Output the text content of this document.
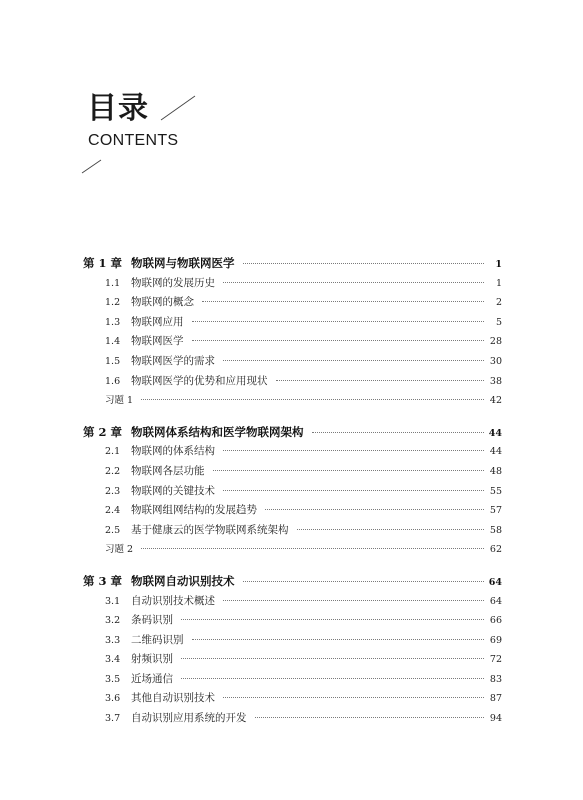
目录
CONTENTS
第 1 章 物联网与物联网医学	1
1.1	物联网的发展历史	1
1.2	物联网的概念	2
1.3	物联网应用	5
1.4	物联网医学	28
1.5	物联网医学的需求	30
1.6	物联网医学的优势和应用现状	38
习题 1	42
第 2 章 物联网体系结构和医学物联网架构	44
2.1	物联网的体系结构	44
2.2	物联网各层功能	48
2.3	物联网的关键技术	55
2.4	物联网组网结构的发展趋势	57
2.5	基于健康云的医学物联网系统架构	58
习题 2	62
第 3 章 物联网自动识别技术	64
3.1	自动识别技术概述	64
3.2	条码识别	66
3.3	二维码识别	69
3.4	射频识别	72
3.5	近场通信	83
3.6	其他自动识别技术	87
3.7	自动识别应用系统的开发	94
